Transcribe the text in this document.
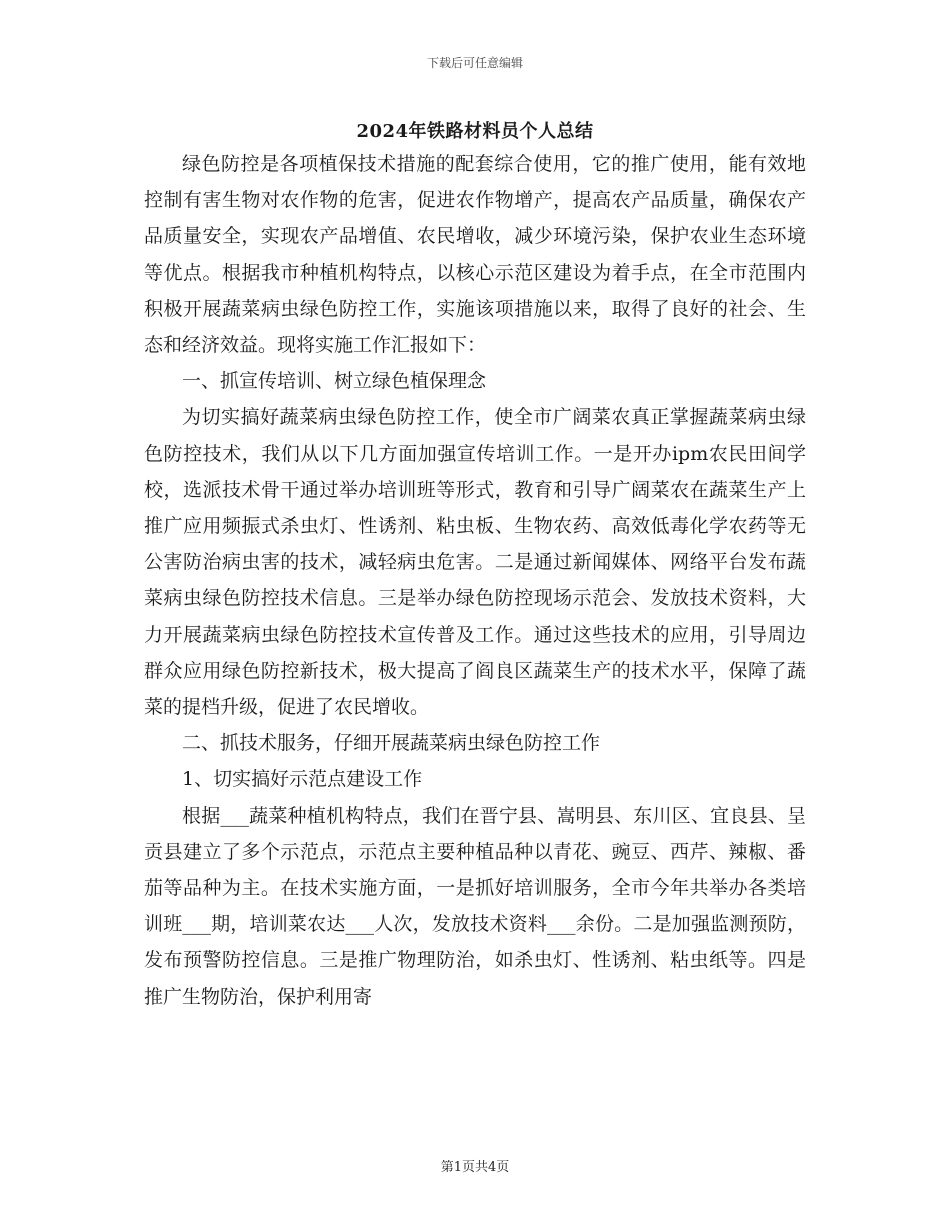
下载后可任意编辑
2024年铁路材料员个人总结

绿色防控是各项植保技术措施的配套综合使用，它的推广使用，能有效地控制有害生物对农作物的危害，促进农作物增产，提高农产品质量，确保农产品质量安全，实现农产品增值、农民增收，减少环境污染，保护农业生态环境等优点。根据我市种植机构特点，以核心示范区建设为着手点，在全市范围内积极开展蔬菜病虫绿色防控工作，实施该项措施以来，取得了良好的社会、生态和经济效益。现将实施工作汇报如下：

一、抓宣传培训、树立绿色植保理念

为切实搞好蔬菜病虫绿色防控工作，使全市广阔菜农真正掌握蔬菜病虫绿色防控技术，我们从以下几方面加强宣传培训工作。一是开办ipm农民田间学校，选派技术骨干通过举办培训班等形式，教育和引导广阔菜农在蔬菜生产上推广应用频振式杀虫灯、性诱剂、粘虫板、生物农药、高效低毒化学农药等无公害防治病虫害的技术，减轻病虫危害。二是通过新闻媒体、网络平台发布蔬菜病虫绿色防控技术信息。三是举办绿色防控现场示范会、发放技术资料，大力开展蔬菜病虫绿色防控技术宣传普及工作。通过这些技术的应用，引导周边群众应用绿色防控新技术，极大提高了阎良区蔬菜生产的技术水平，保障了蔬菜的提档升级，促进了农民增收。

二、抓技术服务，仔细开展蔬菜病虫绿色防控工作

1、切实搞好示范点建设工作

根据___蔬菜种植机构特点，我们在晋宁县、嵩明县、东川区、宜良县、呈贡县建立了多个示范点，示范点主要种植品种以青花、豌豆、西芹、辣椒、番茄等品种为主。在技术实施方面，一是抓好培训服务，全市今年共举办各类培训班___期，培训菜农达___人次，发放技术资料___余份。二是加强监测预防，发布预警防控信息。三是推广物理防治，如杀虫灯、性诱剂、粘虫纸等。四是推广生物防治，保护利用寄

第1页共4页
